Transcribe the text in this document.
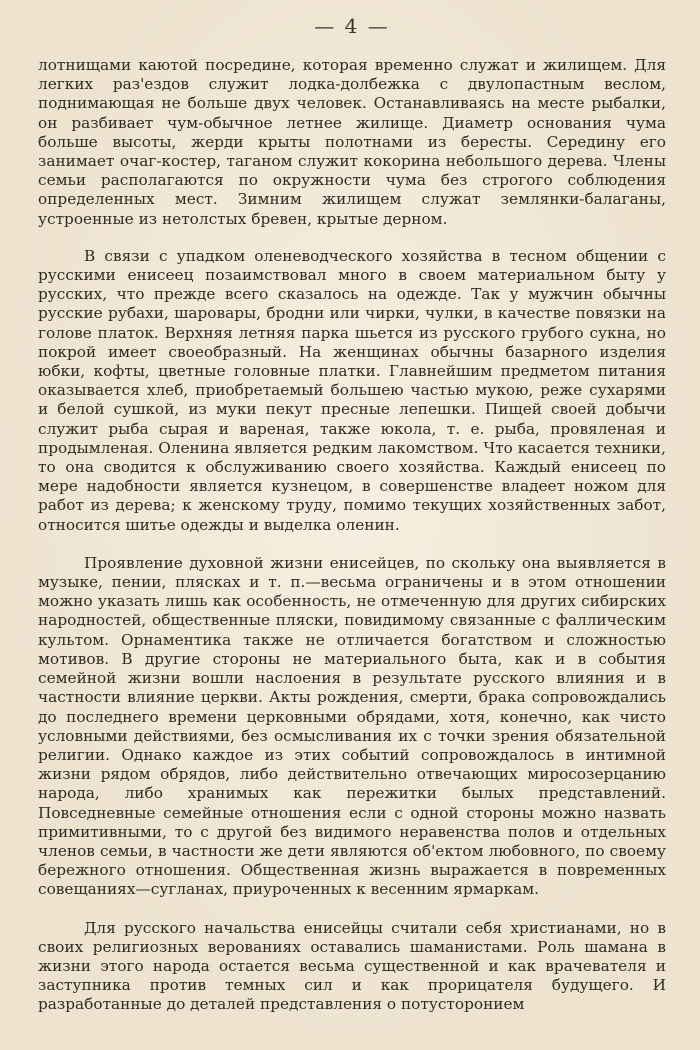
— 4 —

лотнищами каютой посредине, которая временно служат и жилищем. Для легких раз'ездов служит лодка-долбежка с двулопастным веслом, поднимающая не больше двух человек. Останавливаясь на месте рыбалки, он разбивает чум-обычное летнее жилище. Диаметр основания чума больше высоты, жерди крыты полотнами из бересты. Середину его занимает очаг-костер, таганом служит кокорина небольшого дерева. Члены семьи располагаются по окружности чума без строгого соблюдения определенных мест. Зимним жилищем служат землянки-балаганы, устроенные из нетолстых бревен, крытые дерном.

В связи с упадком оленеводческого хозяйства в тесном общении с русскими енисеец позаимствовал много в своем материальном быту у русских, что прежде всего сказалось на одежде. Так у мужчин обычны русские рубахи, шаровары, бродни или чирки, чулки, в качестве повязки на голове платок. Верхняя летняя парка шьется из русского грубого сукна, но покрой имеет своеобразный. На женщинах обычны базарного изделия юбки, кофты, цветные головные платки. Главнейшим предметом питания оказывается хлеб, приобретаемый большею частью мукою, реже сухарями и белой сушкой, из муки пекут пресные лепешки. Пищей своей добычи служит рыба сырая и вареная, также юкола, т. е. рыба, провяленая и продымленая. Оленина является редким лакомством. Что касается техники, то она сводится к обслуживанию своего хозяйства. Каждый енисеец по мере надобности является кузнецом, в совершенстве владеет ножом для работ из дерева; к женскому труду, помимо текущих хозяйственных забот, относится шитье одежды и выделка оленин.

Проявление духовной жизни енисейцев, по скольку она выявляется в музыке, пении, плясках и т. п.—весьма ограничены и в этом отношении можно указать лишь как особенность, не отмеченную для других сибирских народностей, общественные пляски, повидимому связанные с фаллическим культом. Орнаментика также не отличается богатством и сложностью мотивов. В другие стороны не материального быта, как и в события семейной жизни вошли наслоения в результате русского влияния и в частности влияние церкви. Акты рождения, смерти, брака сопровождались до последнего времени церковными обрядами, хотя, конечно, как чисто условными действиями, без осмысливания их с точки зрения обязательной религии. Однако каждое из этих событий сопровождалось в интимной жизни рядом обрядов, либо действительно отвечающих миросозерцанию народа, либо хранимых как пережитки былых представлений. Повседневные семейные отношения если с одной стороны можно назвать примитивными, то с другой без видимого неравенства полов и отдельных членов семьи, в частности же дети являются об'ектом любовного, по своему бережного отношения. Общественная жизнь выражается в повременных совещаниях—сугланах, приуроченных к весенним ярмаркам.

Для русского начальства енисейцы считали себя христианами, но в своих религиозных верованиях оставались шаманистами. Роль шамана в жизни этого народа остается весьма существенной и как врачевателя и заступника против темных сил и как прорицателя будущего. И разработанные до деталей представления о потусторонием
